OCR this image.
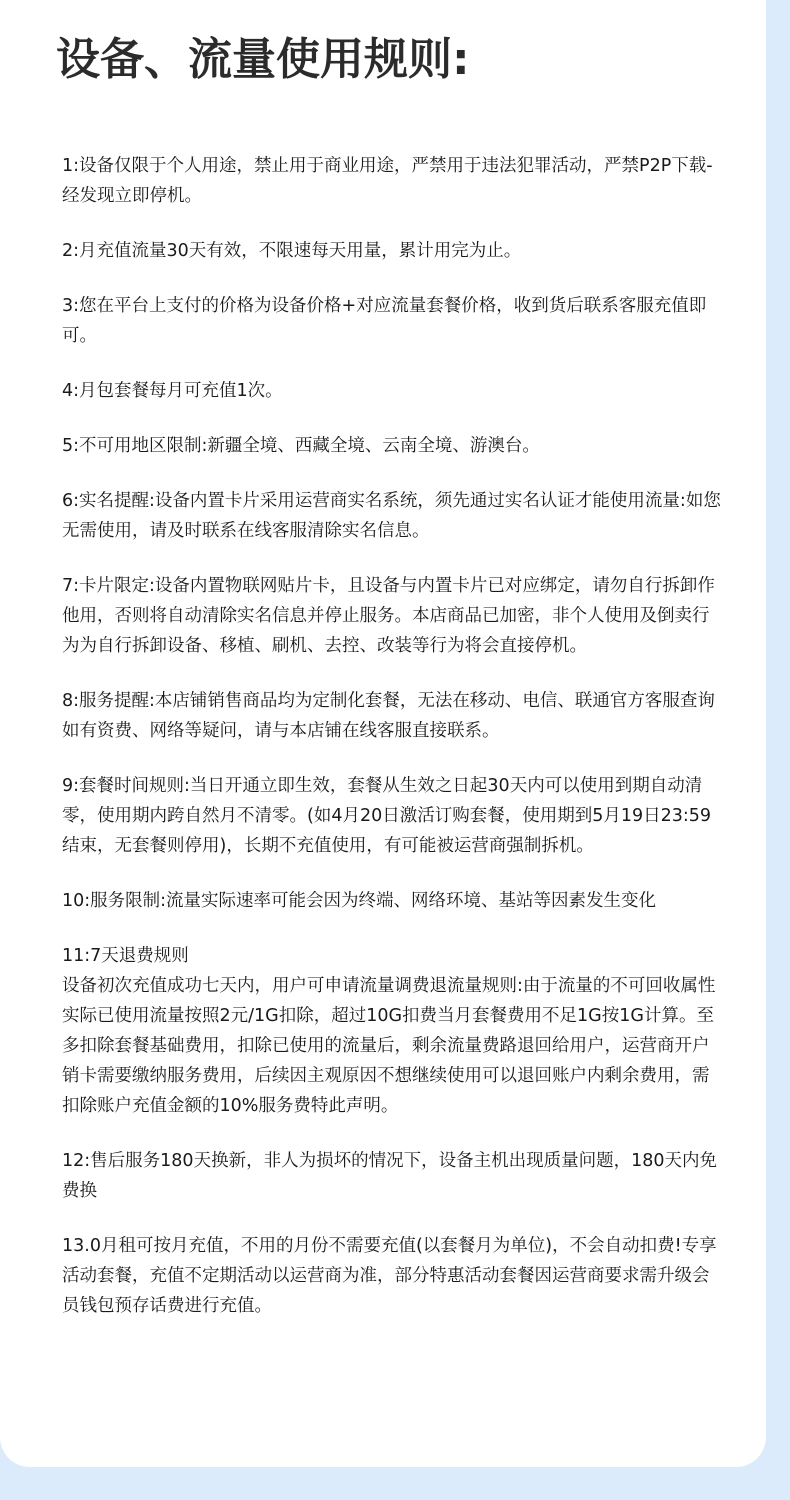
设备、流量使用规则:

1:设备仅限于个人用途，禁止用于商业用途，严禁用于违法犯罪活动，严禁P2P下载-经发现立即停机。

2:月充值流量30天有效，不限速每天用量，累计用完为止。

3:您在平台上支付的价格为设备价格+对应流量套餐价格，收到货后联系客服充值即可。

4:月包套餐每月可充值1次。

5:不可用地区限制:新疆全境、西藏全境、云南全境、游澳台。

6:实名提醒:设备内置卡片采用运营商实名系统，须先通过实名认证才能使用流量:如您无需使用，请及时联系在线客服清除实名信息。

7:卡片限定:设备内置物联网贴片卡，且设备与内置卡片已对应绑定，请勿自行拆卸作他用，否则将自动清除实名信息并停止服务。本店商品已加密，非个人使用及倒卖行为为自行拆卸设备、移植、刷机、去控、改装等行为将会直接停机。

8:服务提醒:本店铺销售商品均为定制化套餐，无法在移动、电信、联通官方客服查询如有资费、网络等疑问，请与本店铺在线客服直接联系。

9:套餐时间规则:当日开通立即生效，套餐从生效之日起30天内可以使用到期自动清零，使用期内跨自然月不清零。(如4月20日激活订购套餐，使用期到5月19日23:59结束，无套餐则停用)，长期不充值使用，有可能被运营商强制拆机。

10:服务限制:流量实际速率可能会因为终端、网络环境、基站等因素发生变化

11:7天退费规则
设备初次充值成功七天内，用户可申请流量调费退流量规则:由于流量的不可回收属性实际已使用流量按照2元/1G扣除，超过10G扣费当月套餐费用不足1G按1G计算。至多扣除套餐基础费用，扣除已使用的流量后，剩余流量费路退回给用户，运营商开户销卡需要缴纳服务费用，后续因主观原因不想继续使用可以退回账户内剩余费用，需扣除账户充值金额的10%服务费特此声明。

12:售后服务180天换新，非人为损坏的情况下，设备主机出现质量问题，180天内免费换

13.0月租可按月充值，不用的月份不需要充值(以套餐月为单位)，不会自动扣费!专享活动套餐，充值不定期活动以运营商为准，部分特惠活动套餐因运营商要求需升级会员钱包预存话费进行充值。
